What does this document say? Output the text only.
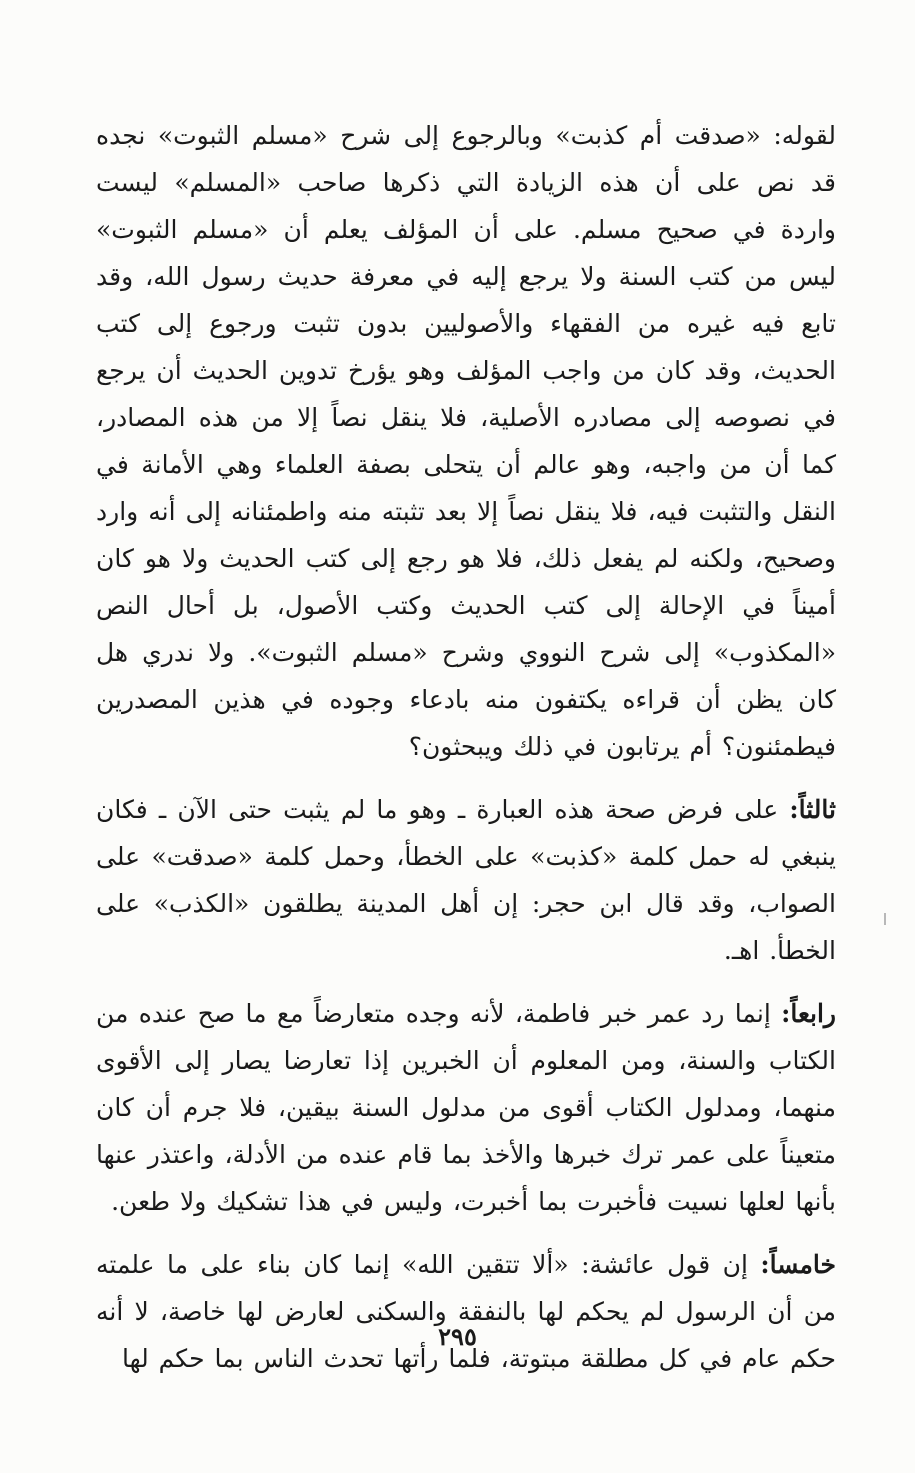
لقوله: «صدقت أم كذبت» وبالرجوع إلى شرح «مسلم الثبوت» نجده قد نص على أن هذه الزيادة التي ذكرها صاحب «المسلم» ليست واردة في صحيح مسلم. على أن المؤلف يعلم أن «مسلم الثبوت» ليس من كتب السنة ولا يرجع إليه في معرفة حديث رسول الله، وقد تابع فيه غيره من الفقهاء والأصوليين بدون تثبت ورجوع إلى كتب الحديث، وقد كان من واجب المؤلف وهو يؤرخ تدوين الحديث أن يرجع في نصوصه إلى مصادره الأصلية، فلا ينقل نصاً إلا من هذه المصادر، كما أن من واجبه، وهو عالم أن يتحلى بصفة العلماء وهي الأمانة في النقل والتثبت فيه، فلا ينقل نصاً إلا بعد تثبته منه واطمئنانه إلى أنه وارد وصحيح، ولكنه لم يفعل ذلك، فلا هو رجع إلى كتب الحديث ولا هو كان أميناً في الإحالة إلى كتب الحديث وكتب الأصول، بل أحال النص «المكذوب» إلى شرح النووي وشرح «مسلم الثبوت». ولا ندري هل كان يظن أن قراءه يكتفون منه بادعاء وجوده في هذين المصدرين فيطمئنون؟ أم يرتابون في ذلك ويبحثون؟

ثالثاً: على فرض صحة هذه العبارة ـ وهو ما لم يثبت حتى الآن ـ فكان ينبغي له حمل كلمة «كذبت» على الخطأ، وحمل كلمة «صدقت» على الصواب، وقد قال ابن حجر: إن أهل المدينة يطلقون «الكذب» على الخطأ. اهـ.

رابعاً: إنما رد عمر خبر فاطمة، لأنه وجده متعارضاً مع ما صح عنده من الكتاب والسنة، ومن المعلوم أن الخبرين إذا تعارضا يصار إلى الأقوى منهما، ومدلول الكتاب أقوى من مدلول السنة بيقين، فلا جرم أن كان متعيناً على عمر ترك خبرها والأخذ بما قام عنده من الأدلة، واعتذر عنها بأنها لعلها نسيت فأخبرت بما أخبرت، وليس في هذا تشكيك ولا طعن.

خامساً: إن قول عائشة: «ألا تتقين الله» إنما كان بناء على ما علمته من أن الرسول لم يحكم لها بالنفقة والسكنى لعارض لها خاصة، لا أنه حكم عام في كل مطلقة مبتوتة، فلما رأتها تحدث الناس بما حكم لها

٢٩٥
